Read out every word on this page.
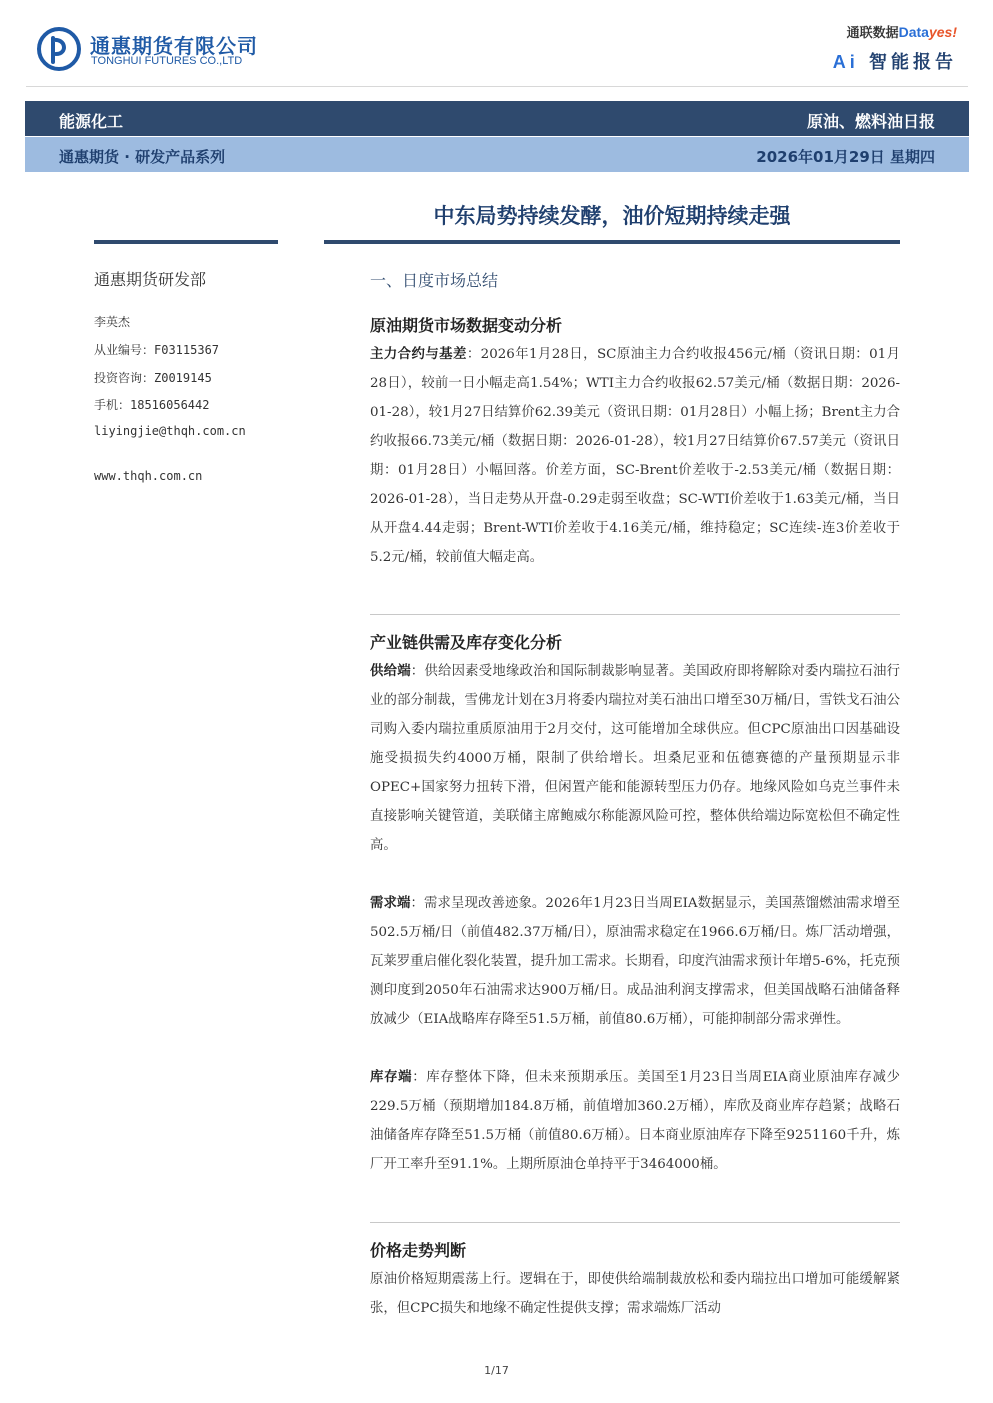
通惠期货有限公司
TONGHUI FUTURES CO.,LTD
通联数据Datayes!
Ai 智能报告
能源化工	原油、燃料油日报
通惠期货 · 研发产品系列	2026年01月29日 星期四
中东局势持续发酵，油价短期持续走强
通惠期货研发部
李英杰
从业编号：F03115367
投资咨询：Z0019145
手机：18516056442
liyingjie@thqh.com.cn
www.thqh.com.cn
一、日度市场总结
原油期货市场数据变动分析

主力合约与基差：2026年1月28日，SC原油主力合约收报456元/桶（资讯日期：01月28日），较前一日小幅走高1.54%；WTI主力合约收报62.57美元/桶（数据日期：2026-01-28），较1月27日结算价62.39美元（资讯日期：01月28日）小幅上扬；Brent主力合约收报66.73美元/桶（数据日期：2026-01-28），较1月27日结算价67.57美元（资讯日期：01月28日）小幅回落。价差方面，SC-Brent价差收于-2.53美元/桶（数据日期：2026-01-28），当日走势从开盘-0.29走弱至收盘；SC-WTI价差收于1.63美元/桶，当日从开盘4.44走弱；Brent-WTI价差收于4.16美元/桶，维持稳定；SC连续-连3价差收于5.2元/桶，较前值大幅走高。

产业链供需及库存变化分析

供给端：供给因素受地缘政治和国际制裁影响显著。美国政府即将解除对委内瑞拉石油行业的部分制裁，雪佛龙计划在3月将委内瑞拉对美石油出口增至30万桶/日，雪铁戈石油公司购入委内瑞拉重质原油用于2月交付，这可能增加全球供应。但CPC原油出口因基础设施受损损失约4000万桶，限制了供给增长。坦桑尼亚和伍德赛德的产量预期显示非OPEC+国家努力扭转下滑，但闲置产能和能源转型压力仍存。地缘风险如乌克兰事件未直接影响关键管道，美联储主席鲍威尔称能源风险可控，整体供给端边际宽松但不确定性高。

需求端：需求呈现改善迹象。2026年1月23日当周EIA数据显示，美国蒸馏燃油需求增至502.5万桶/日（前值482.37万桶/日），原油需求稳定在1966.6万桶/日。炼厂活动增强，瓦莱罗重启催化裂化装置，提升加工需求。长期看，印度汽油需求预计年增5-6%，托克预测印度到2050年石油需求达900万桶/日。成品油利润支撑需求，但美国战略石油储备释放减少（EIA战略库存降至51.5万桶，前值80.6万桶），可能抑制部分需求弹性。

库存端：库存整体下降，但未来预期承压。美国至1月23日当周EIA商业原油库存减少229.5万桶（预期增加184.8万桶，前值增加360.2万桶），库欣及商业库存趋紧；战略石油储备库存降至51.5万桶（前值80.6万桶）。日本商业原油库存下降至9251160千升，炼厂开工率升至91.1%。上期所原油仓单持平于3464000桶。

价格走势判断

原油价格短期震荡上行。逻辑在于，即使供给端制裁放松和委内瑞拉出口增加可能缓解紧张，但CPC损失和地缘不确定性提供支撑；需求端炼厂活动

1/17
